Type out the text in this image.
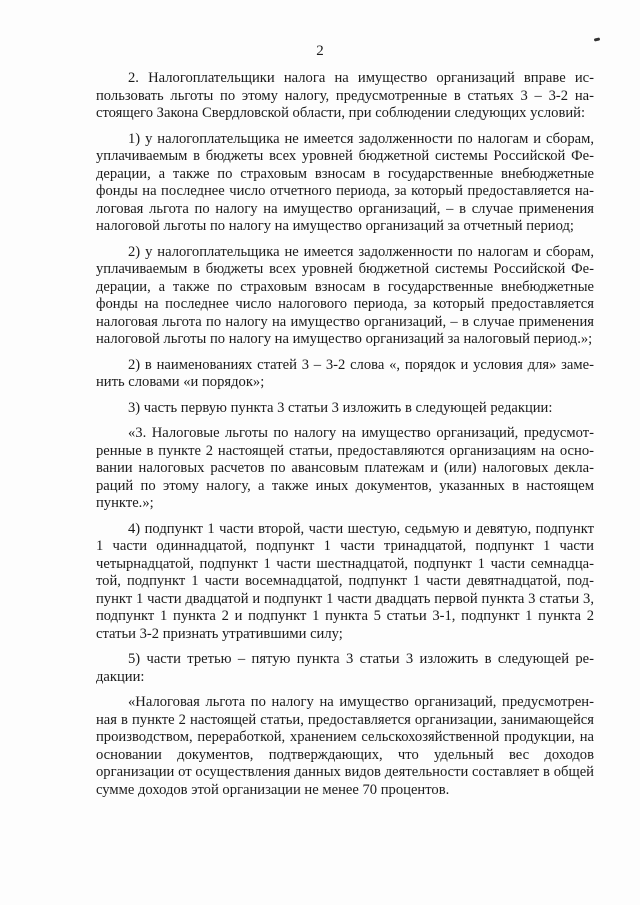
2

2. Налогоплательщики налога на имущество организаций вправе использовать льготы по этому налогу, предусмотренные в статьях 3 – 3-2 настоящего Закона Свердловской области, при соблюдении следующих условий:

1) у налогоплательщика не имеется задолженности по налогам и сборам, уплачиваемым в бюджеты всех уровней бюджетной системы Российской Федерации, а также по страховым взносам в государственные внебюджетные фонды на последнее число отчетного периода, за который предоставляется налоговая льгота по налогу на имущество организаций, – в случае применения налоговой льготы по налогу на имущество организаций за отчетный период;

2) у налогоплательщика не имеется задолженности по налогам и сборам, уплачиваемым в бюджеты всех уровней бюджетной системы Российской Федерации, а также по страховым взносам в государственные внебюджетные фонды на последнее число налогового периода, за который предоставляется налоговая льгота по налогу на имущество организаций, – в случае применения налоговой льготы по налогу на имущество организаций за налоговый период.»;

2) в наименованиях статей 3 – 3-2 слова «, порядок и условия для» заменить словами «и порядок»;

3) часть первую пункта 3 статьи 3 изложить в следующей редакции:

«3. Налоговые льготы по налогу на имущество организаций, предусмотренные в пункте 2 настоящей статьи, предоставляются организациям на основании налоговых расчетов по авансовым платежам и (или) налоговых деклараций по этому налогу, а также иных документов, указанных в настоящем пункте.»;

4) подпункт 1 части второй, части шестую, седьмую и девятую, подпункт 1 части одиннадцатой, подпункт 1 части тринадцатой, подпункт 1 части четырнадцатой, подпункт 1 части шестнадцатой, подпункт 1 части семнадцатой, подпункт 1 части восемнадцатой, подпункт 1 части девятнадцатой, подпункт 1 части двадцатой и подпункт 1 части двадцать первой пункта 3 статьи 3, подпункт 1 пункта 2 и подпункт 1 пункта 5 статьи 3-1, подпункт 1 пункта 2 статьи 3-2 признать утратившими силу;

5) части третью – пятую пункта 3 статьи 3 изложить в следующей редакции:

«Налоговая льгота по налогу на имущество организаций, предусмотренная в пункте 2 настоящей статьи, предоставляется организации, занимающейся производством, переработкой, хранением сельскохозяйственной продукции, на основании документов, подтверждающих, что удельный вес доходов организации от осуществления данных видов деятельности составляет в общей сумме доходов этой организации не менее 70 процентов.
